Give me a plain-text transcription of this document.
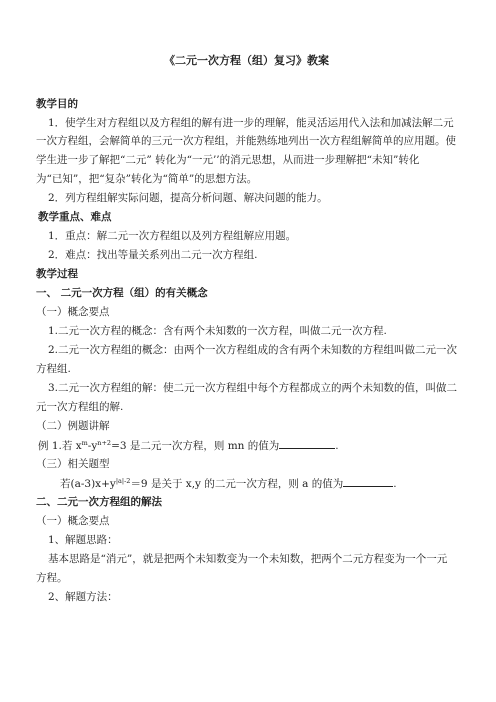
《二元一次方程（组）复习》教案
教学目的
1．使学生对方程组以及方程组的解有进一步的理解，能灵活运用代入法和加减法解二元
一次方程组，会解简单的三元一次方程组，并能熟练地列出一次方程组解简单的应用题。使
学生进一步了解把“二元” 转化为“一元’’的消元思想，从而进一步理解把“未知”转化
为“已知”，把“复杂”转化为“简单”的思想方法。
2．列方程组解实际问题，提高分析问题、解决问题的能力。
教学重点、难点
1．重点：解二元一次方程组以及列方程组解应用题。
2．难点：找出等量关系列出二元一次方程组.
教学过程
一、 二元一次方程（组）的有关概念
（一）概念要点
1.二元一次方程的概念：含有两个未知数的一次方程，叫做二元一次方程.
2.二元一次方程组的概念：由两个一次方程组成的含有两个未知数的方程组叫做二元一次
方程组.
3.二元一次方程组的解：使二元一次方程组中每个方程都成立的两个未知数的值，叫做二
元一次方程组的解.
（二）例题讲解
例 1.若 $x^m-y^{n+2}=3$ 是二元一次方程，则 mn 的值为	.
（三）相关题型
若$(a-3)x+y^{|a|-2}=9$ 是关于 x,y 的二元一次方程，则 a 的值为	.
二、二元一次方程组的解法
（一）概念要点
1、解题思路：
基本思路是“消元”，就是把两个未知数变为一个未知数，把两个二元方程变为一个一元
方程。
2、解题方法：
